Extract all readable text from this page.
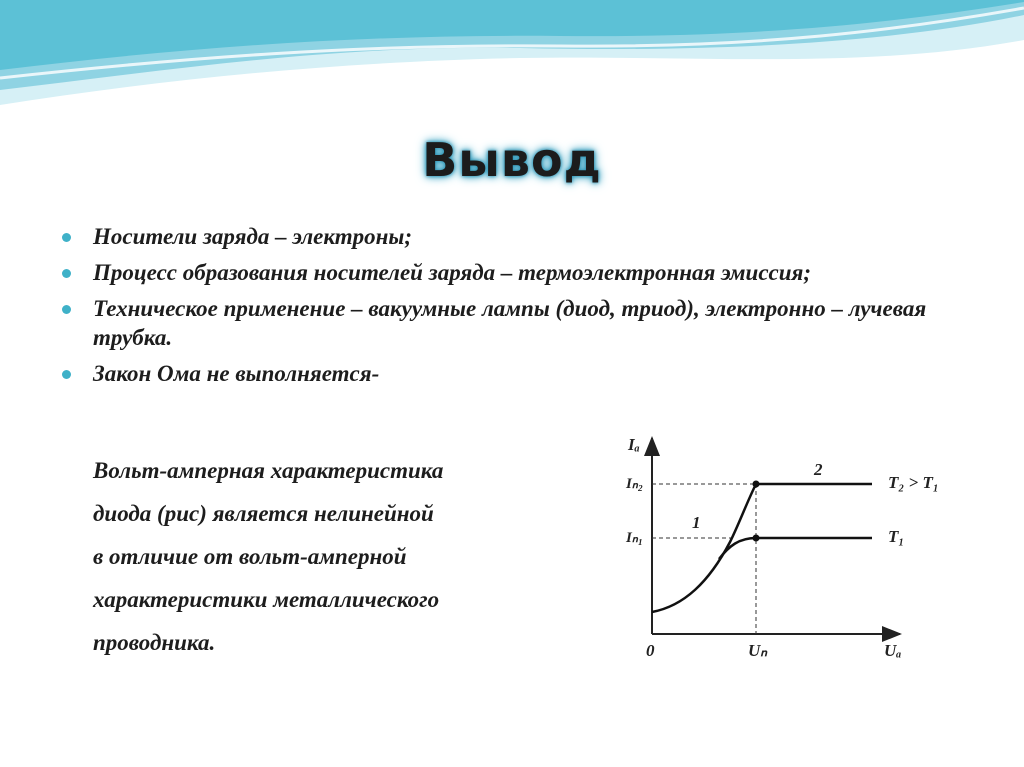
Вывод
Носители заряда – электроны;
Процесс образования носителей заряда – термоэлектронная эмиссия;
Техническое применение – вакуумные лампы (диод, триод), электронно – лучевая трубка.
Закон Ома не выполняется-
Вольт-амперная характеристика
диода (рис) является нелинейной
в отличие от вольт-амперной
характеристики металлического
проводника.
Iₐ
Iₙ₂
Iₙ₁
0	Uₙ	Uₐ
1
2
T₂ > T₁
T₁
